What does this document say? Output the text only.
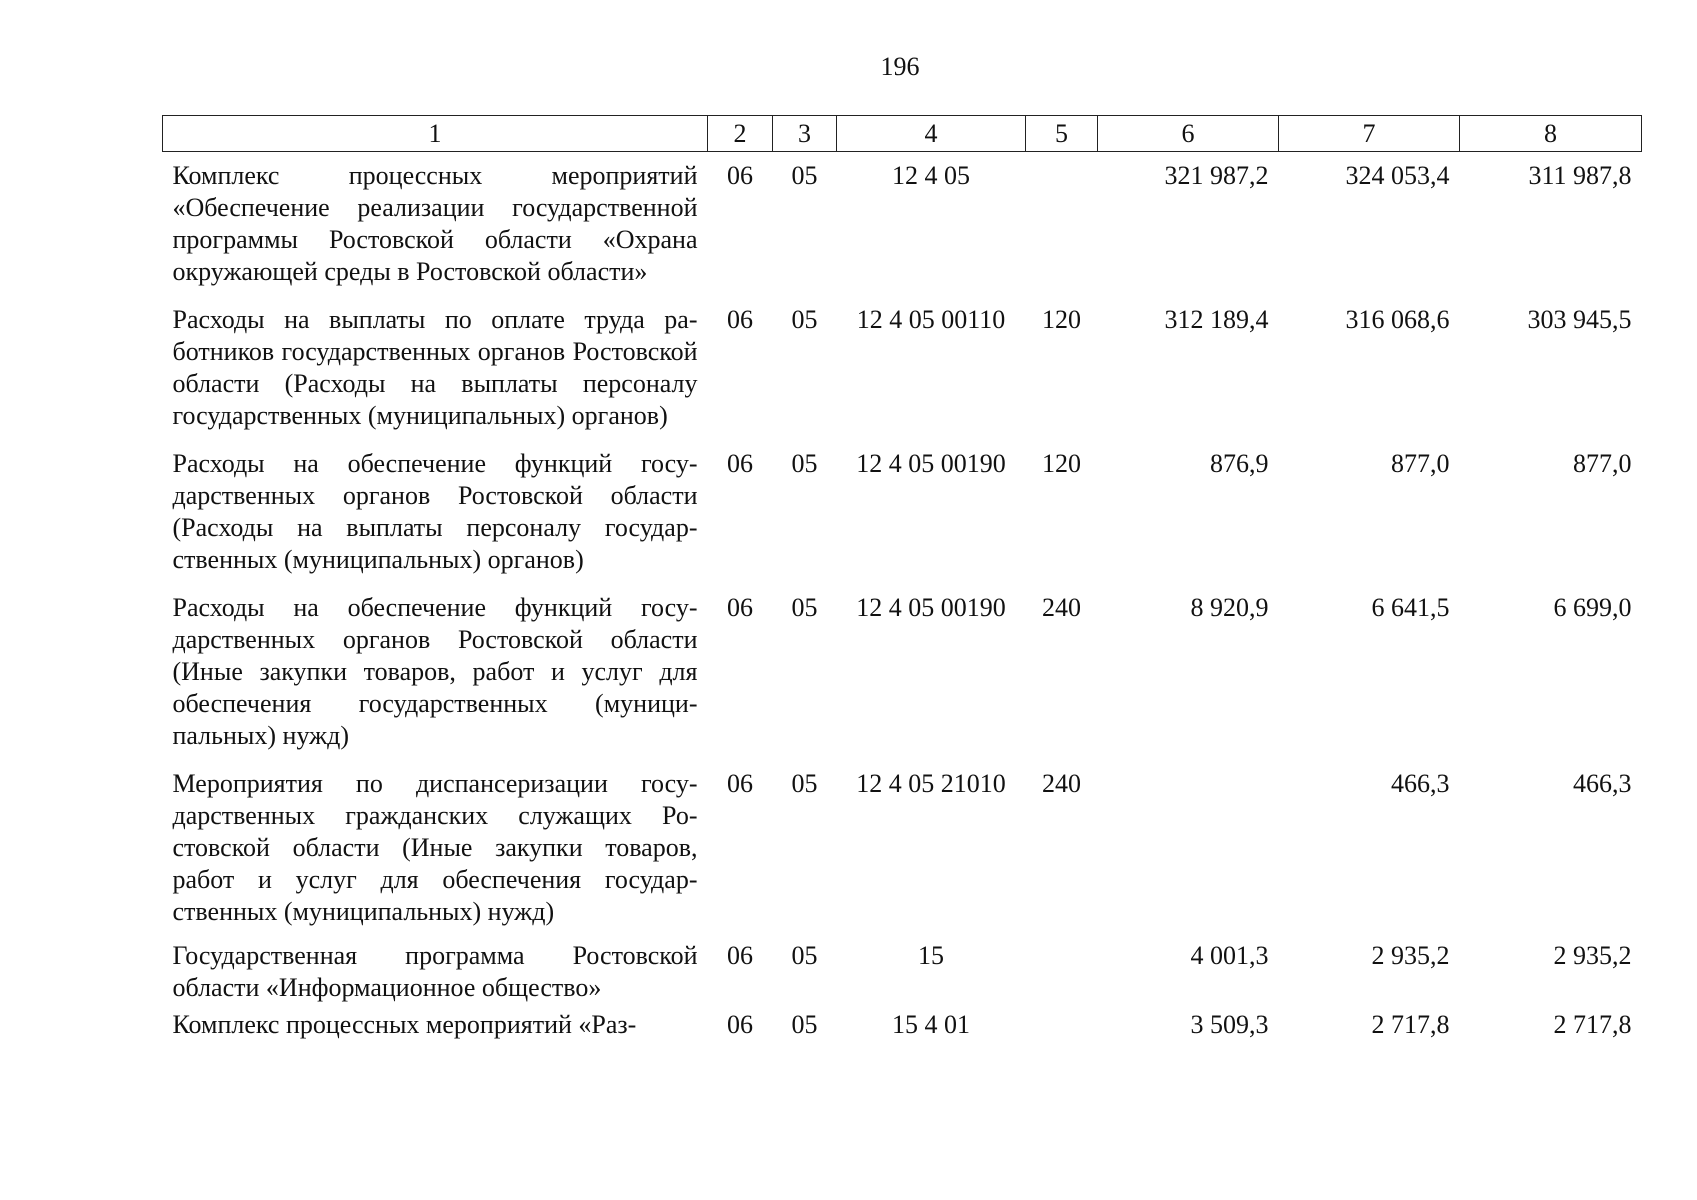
196
1	2	3	4	5	6	7	8
Комплекс процессных мероприятий «Обеспечение реализации государственной программы Ростовской области «Охрана окружающей среды в Ростовской области»	06	05	12 4 05		321 987,2	324 053,4	311 987,8
Расходы на выплаты по оплате труда работников государственных органов Ростовской области (Расходы на выплаты персоналу государственных (муниципальных) органов)	06	05	12 4 05 00110	120	312 189,4	316 068,6	303 945,5
Расходы на обеспечение функций государственных органов Ростовской области (Расходы на выплаты персоналу государственных (муниципальных) органов)	06	05	12 4 05 00190	120	876,9	877,0	877,0
Расходы на обеспечение функций государственных органов Ростовской области (Иные закупки товаров, работ и услуг для обеспечения государственных (муниципальных) нужд)	06	05	12 4 05 00190	240	8 920,9	6 641,5	6 699,0
Мероприятия по диспансеризации государственных гражданских служащих Ростовской области (Иные закупки товаров, работ и услуг для обеспечения государственных (муниципальных) нужд)	06	05	12 4 05 21010	240		466,3	466,3
Государственная программа Ростовской области «Информационное общество»	06	05	15		4 001,3	2 935,2	2 935,2
Комплекс процессных мероприятий «Раз-	06	05	15 4 01		3 509,3	2 717,8	2 717,8
